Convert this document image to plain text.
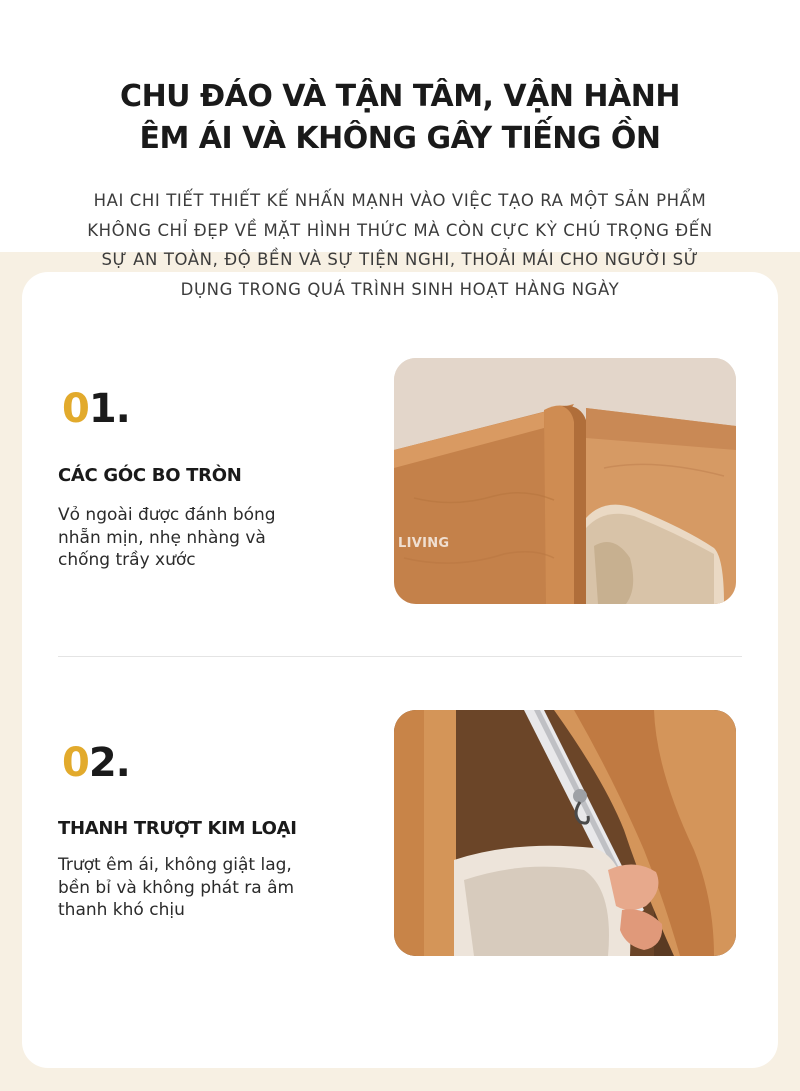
CHU ĐÁO VÀ TẬN TÂM, VẬN HÀNH
ÊM ÁI VÀ KHÔNG GÂY TIẾNG ỒN
01.
CÁC GÓC BO TRÒN
Vỏ ngoài được đánh bóng
nhẵn mịn, nhẹ nhàng và
chống trầy xước
LIVING
02.
THANH TRƯỢT KIM LOẠI
Trượt êm ái, không giật lag,
bền bỉ và không phát ra âm
thanh khó chịu
HAI CHI TIẾT THIẾT KẾ NHẤN MẠNH VÀO VIỆC TẠO RA MỘT SẢN PHẨM
KHÔNG CHỈ ĐẸP VỀ MẶT HÌNH THỨC MÀ CÒN CỰC KỲ CHÚ TRỌNG ĐẾN
SỰ AN TOÀN, ĐỘ BỀN VÀ SỰ TIỆN NGHI, THOẢI MÁI CHO NGƯỜI SỬ
DỤNG TRONG QUÁ TRÌNH SINH HOẠT HÀNG NGÀY
